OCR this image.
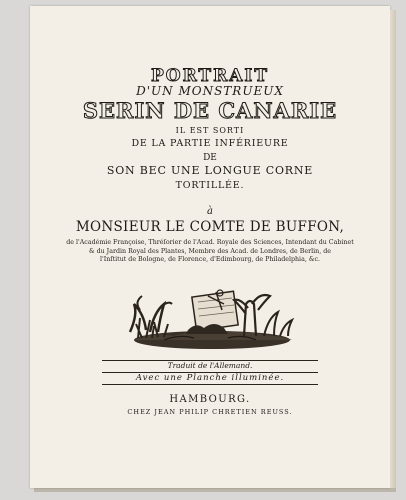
PORTRAIT
D'UN MONSTRUEUX
SERIN DE CANARIE
IL EST SORTI
DE LA PARTIE INFÉRIEURE
DE
SON BEC UNE LONGUE CORNE
TORTILLÉE.
à
MONSIEUR LE COMTE DE BUFFON,
de l'Académie Françoise, Thréſorier de l'Acad. Royale des Sciences, Intendant du Cabinet
& du Jardin Royal des Plantes, Membre des Acad. de Londres, de Berlin, de
l'Inſtitut de Bologne, de Florence, d'Edimbourg, de Philadelphia, &c.
Traduit de l'Allemand.
Avec une Planche illuminée.
HAMBOURG.
CHEZ JEAN PHILIP CHRETIEN REUSS.
